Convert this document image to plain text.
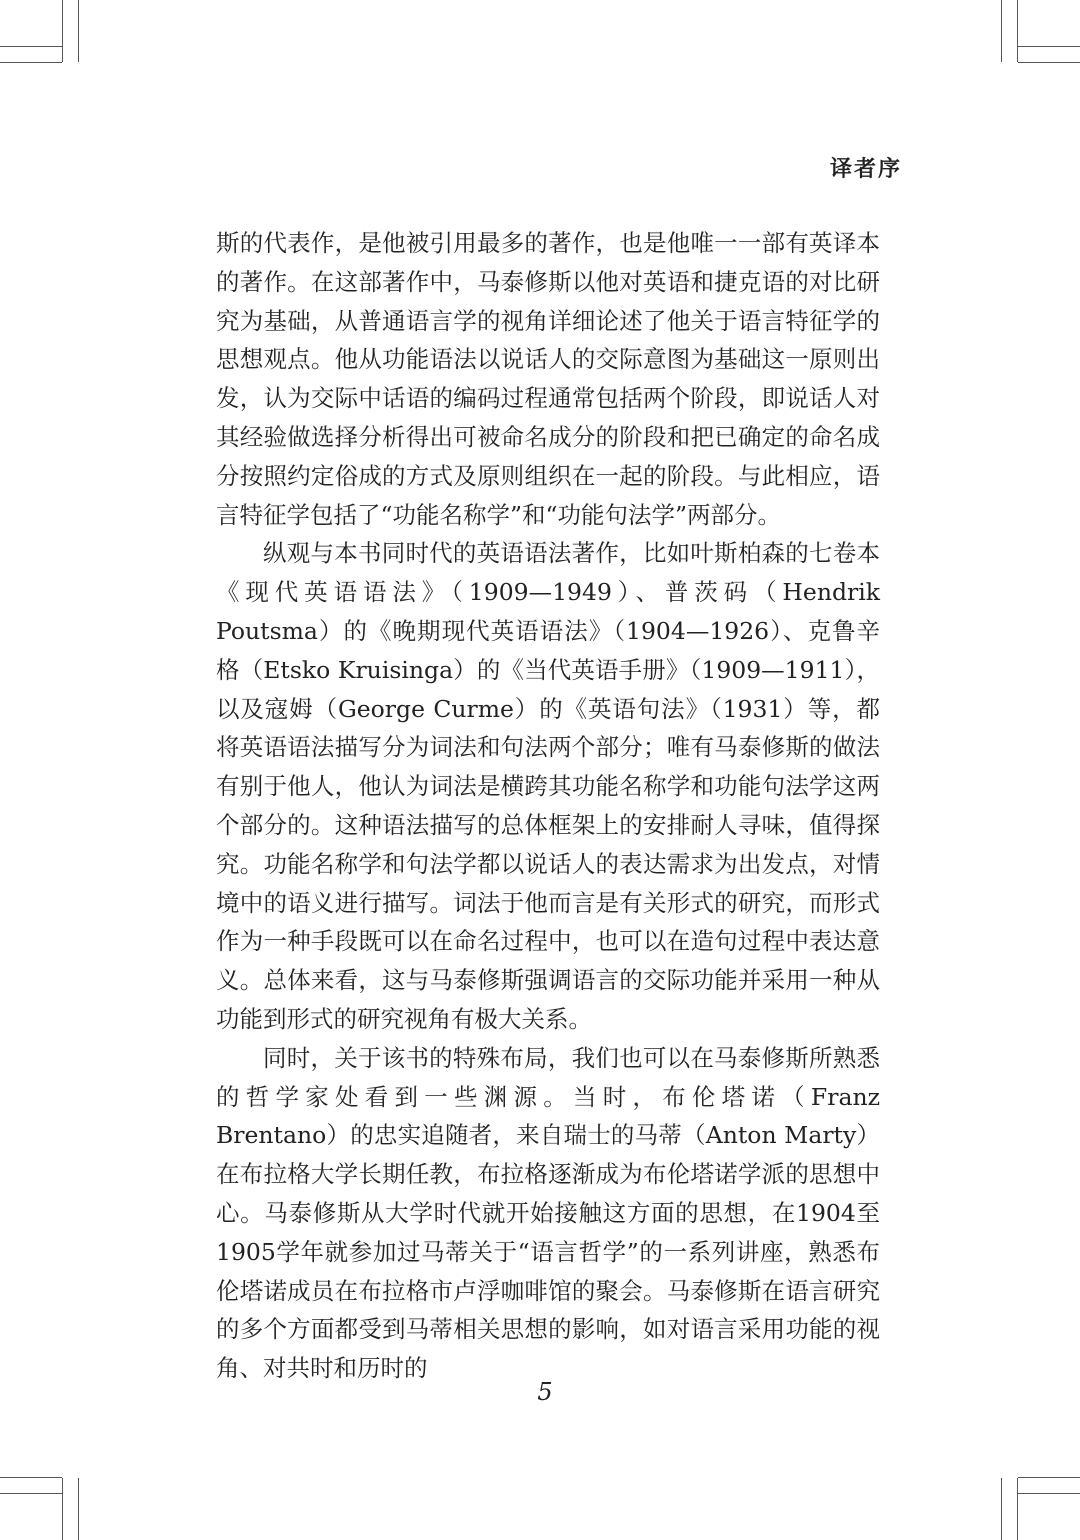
译者序

斯的代表作，是他被引用最多的著作，也是他唯一一部有英译本的著作。在这部著作中，马泰修斯以他对英语和捷克语的对比研究为基础，从普通语言学的视角详细论述了他关于语言特征学的思想观点。他从功能语法以说话人的交际意图为基础这一原则出发，认为交际中话语的编码过程通常包括两个阶段，即说话人对其经验做选择分析得出可被命名成分的阶段和把已确定的命名成分按照约定俗成的方式及原则组织在一起的阶段。与此相应，语言特征学包括了“功能名称学”和“功能句法学”两部分。

纵观与本书同时代的英语语法著作，比如叶斯柏森的七卷本《现代英语语法》（1909—1949）、普茨码（Hendrik Poutsma）的《晚期现代英语语法》（1904—1926）、克鲁辛格（Etsko Kruisinga）的《当代英语手册》（1909—1911），以及寇姆（George Curme）的《英语句法》（1931）等，都将英语语法描写分为词法和句法两个部分；唯有马泰修斯的做法有别于他人，他认为词法是横跨其功能名称学和功能句法学这两个部分的。这种语法描写的总体框架上的安排耐人寻味，值得探究。功能名称学和句法学都以说话人的表达需求为出发点，对情境中的语义进行描写。词法于他而言是有关形式的研究，而形式作为一种手段既可以在命名过程中，也可以在造句过程中表达意义。总体来看，这与马泰修斯强调语言的交际功能并采用一种从功能到形式的研究视角有极大关系。

同时，关于该书的特殊布局，我们也可以在马泰修斯所熟悉的哲学家处看到一些渊源。当时，布伦塔诺（Franz Brentano）的忠实追随者，来自瑞士的马蒂（Anton Marty）在布拉格大学长期任教，布拉格逐渐成为布伦塔诺学派的思想中心。马泰修斯从大学时代就开始接触这方面的思想，在1904至1905学年就参加过马蒂关于“语言哲学”的一系列讲座，熟悉布伦塔诺成员在布拉格市卢浮咖啡馆的聚会。马泰修斯在语言研究的多个方面都受到马蒂相关思想的影响，如对语言采用功能的视角、对共时和历时的

5
